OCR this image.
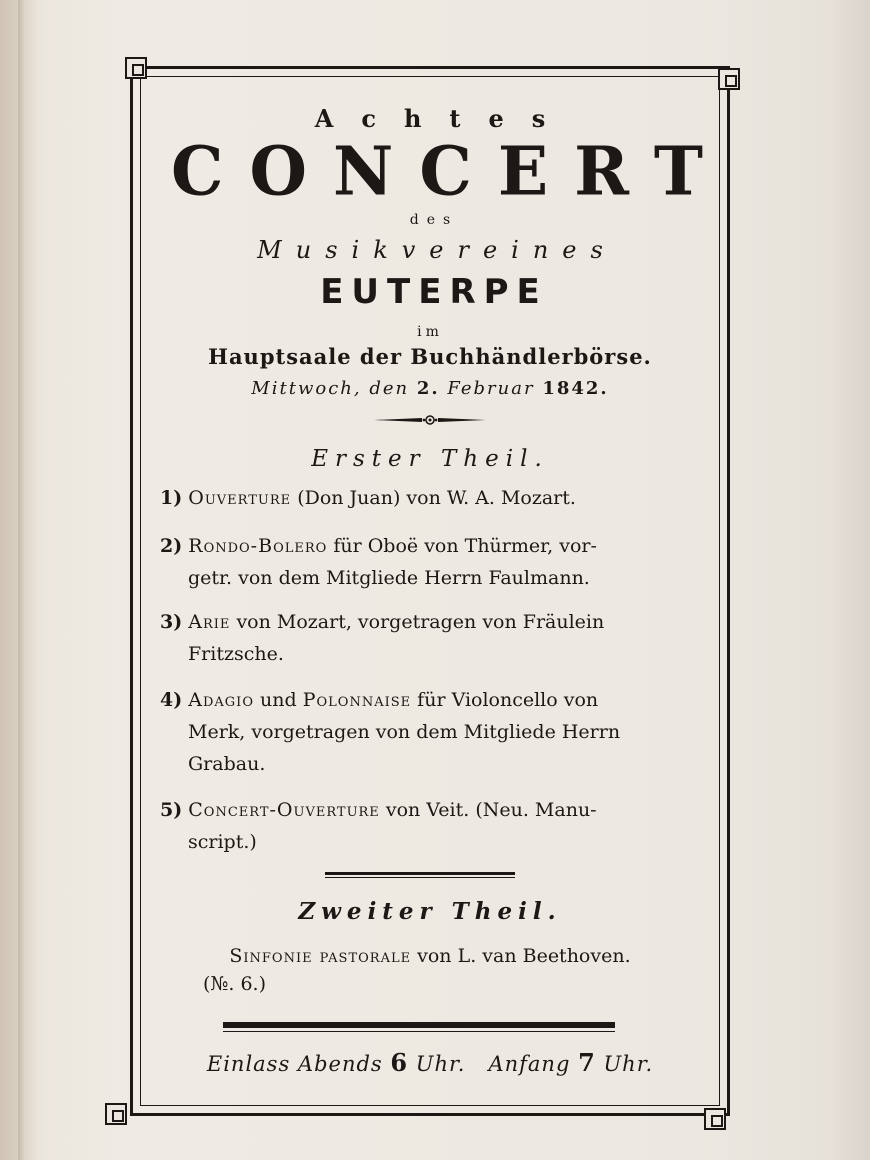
Achtes
CONCERT
des
Musikvereines
EUTERPE
im
Hauptsaale der Buchhändlerbörse.
Mittwoch, den 2. Februar 1842.
Erster Theil.
1) Ouverture (Don Juan) von W. A. Mozart.
2) Rondo-Bolero für Oboë von Thürmer, vor-
getr. von dem Mitgliede Herrn Faulmann.
3) Arie von Mozart, vorgetragen von Fräulein
Fritzsche.
4) Adagio und Polonnaise für Violoncello von
Merk, vorgetragen von dem Mitgliede Herrn
Grabau.
5) Concert-Ouverture von Veit. (Neu. Manu-
script.)
Zweiter Theil.
Sinfonie pastorale von L. van Beethoven.
(№. 6.)
Einlass Abends 6 Uhr. Anfang 7 Uhr.
